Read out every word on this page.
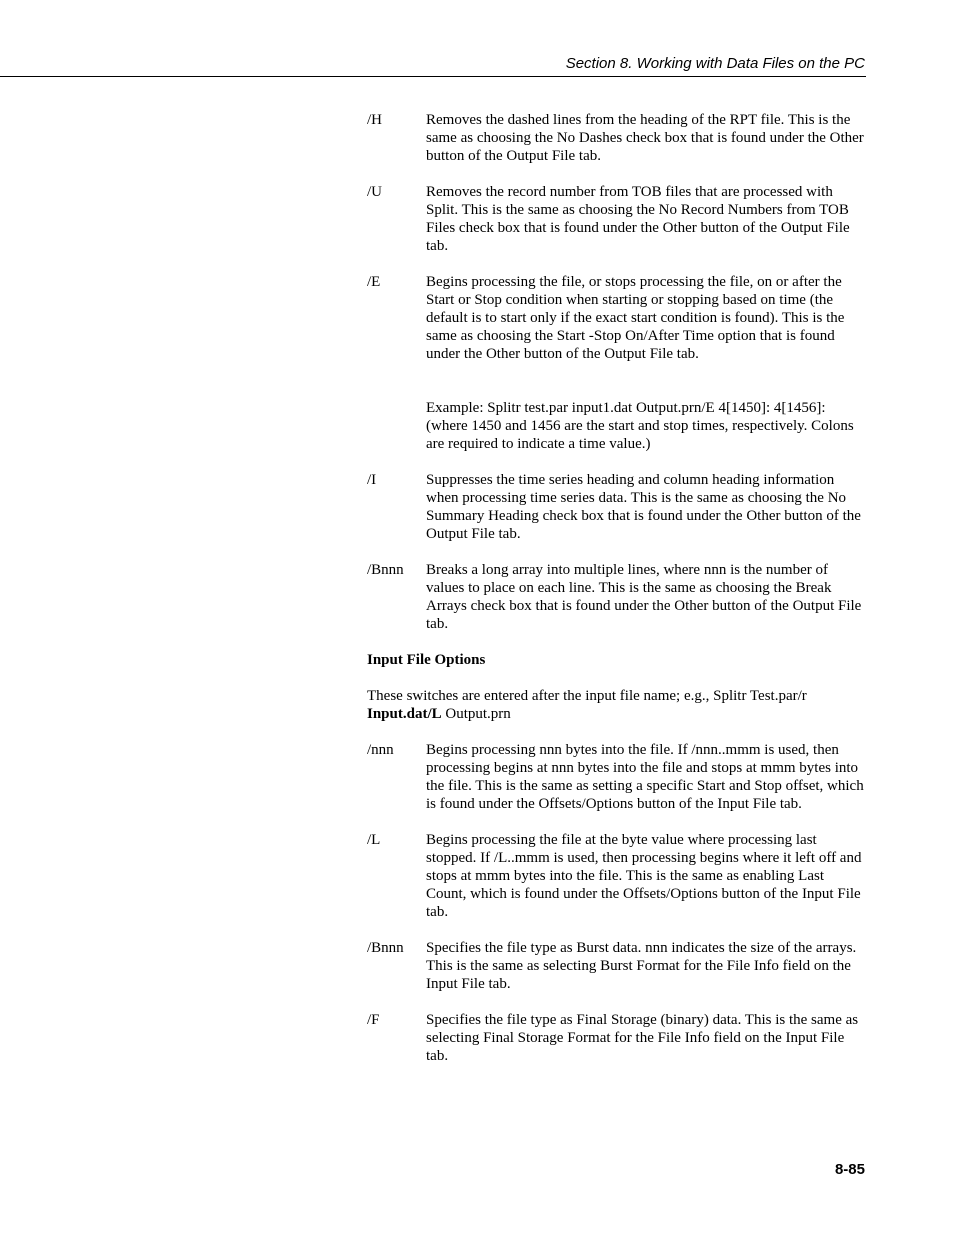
Section 8. Working with Data Files on the PC
/H	Removes the dashed lines from the heading of the RPT file. This is the same as choosing the No Dashes check box that is found under the Other button of the Output File tab.

/U	Removes the record number from TOB files that are processed with Split. This is the same as choosing the No Record Numbers from TOB Files check box that is found under the Other button of the Output File tab.

/E	Begins processing the file, or stops processing the file, on or after the Start or Stop condition when starting or stopping based on time (the default is to start only if the exact start condition is found). This is the same as choosing the Start -Stop On/After Time option that is found under the Other button of the Output File tab.

Example: Splitr test.par input1.dat Output.prn/E 4[1450]: 4[1456]: (where 1450 and 1456 are the start and stop times, respectively. Colons are required to indicate a time value.)

/I	Suppresses the time series heading and column heading information when processing time series data. This is the same as choosing the No Summary Heading check box that is found under the Other button of the Output File tab.

/Bnnn	Breaks a long array into multiple lines, where nnn is the number of values to place on each line. This is the same as choosing the Break Arrays check box that is found under the Other button of the Output File tab.

Input File Options

These switches are entered after the input file name; e.g., Splitr Test.par/r Input.dat/L Output.prn

/nnn	Begins processing nnn bytes into the file. If /nnn..mmm is used, then processing begins at nnn bytes into the file and stops at mmm bytes into the file. This is the same as setting a specific Start and Stop offset, which is found under the Offsets/Options button of the Input File tab.

/L	Begins processing the file at the byte value where processing last stopped. If /L..mmm is used, then processing begins where it left off and stops at mmm bytes into the file. This is the same as enabling Last Count, which is found under the Offsets/Options button of the Input File tab.

/Bnnn	Specifies the file type as Burst data. nnn indicates the size of the arrays. This is the same as selecting Burst Format for the File Info field on the Input File tab.

/F	Specifies the file type as Final Storage (binary) data. This is the same as selecting Final Storage Format for the File Info field on the Input File tab.

8-85
